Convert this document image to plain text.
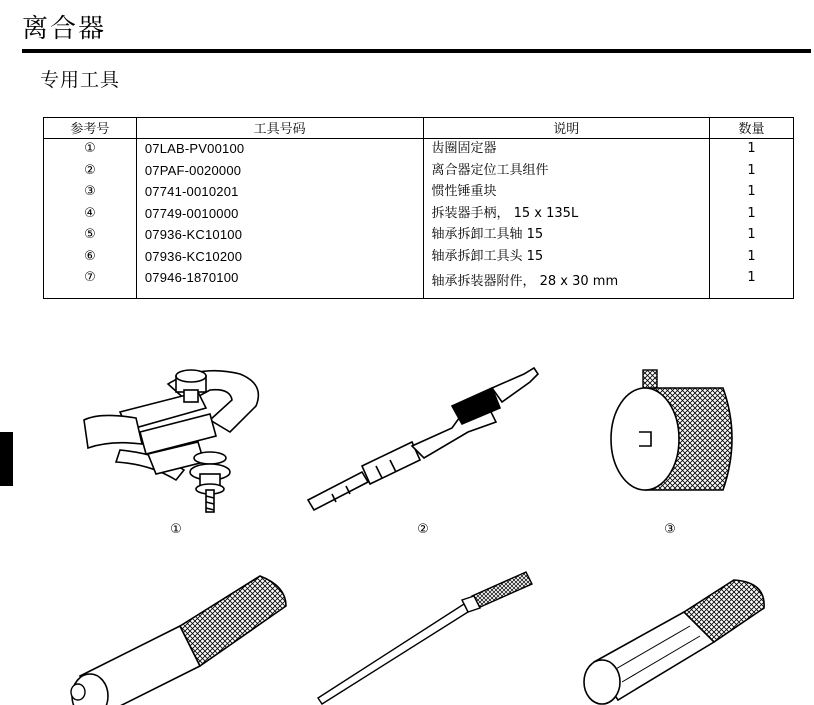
离合器
专用工具
参考号	工具号码	说明	数量
①	07LAB-PV00100	齿圈固定器	1
②	07PAF-0020000	离合器定位工具组件	1
③	07741-0010201	惯性锤重块	1
④	07749-0010000	拆装器手柄， 15 x 135L	1
⑤	07936-KC10100	轴承拆卸工具轴 15	1
⑥	07936-KC10200	轴承拆卸工具头 15	1
⑦	07946-1870100	轴承拆装器附件， 28 x 30 mm	1
①	②	③
